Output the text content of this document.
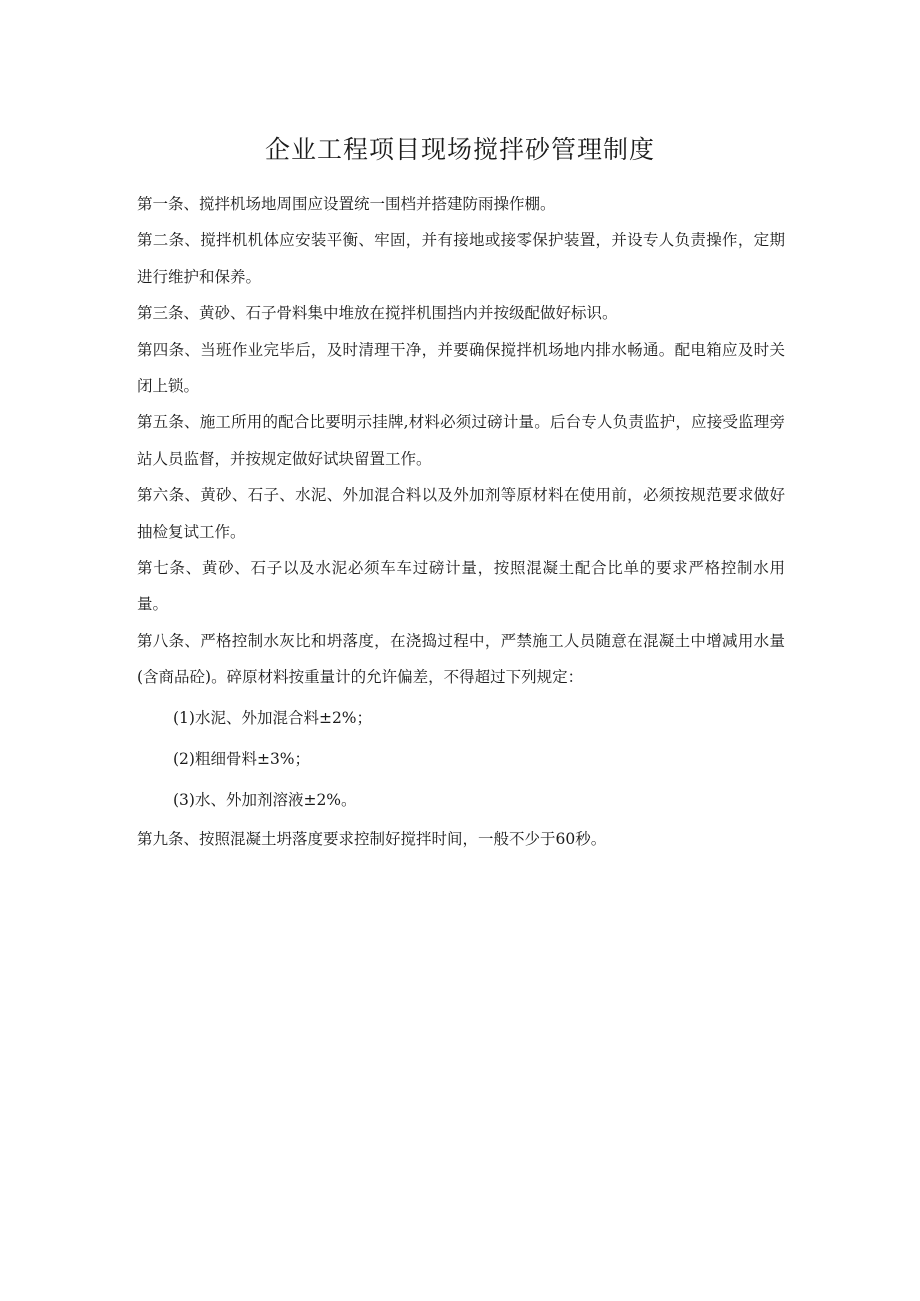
企业工程项目现场搅拌砂管理制度

第一条、搅拌机场地周围应设置统一围档并搭建防雨操作棚。

第二条、搅拌机机体应安装平衡、牢固，并有接地或接零保护装置，并设专人负责操作，定期进行维护和保养。

第三条、黄砂、石子骨料集中堆放在搅拌机围挡内并按级配做好标识。

第四条、当班作业完毕后，及时清理干净，并要确保搅拌机场地内排水畅通。配电箱应及时关闭上锁。

第五条、施工所用的配合比要明示挂牌,材料必须过磅计量。后台专人负责监护，应接受监理旁站人员监督，并按规定做好试块留置工作。

第六条、黄砂、石子、水泥、外加混合料以及外加剂等原材料在使用前，必须按规范要求做好抽检复试工作。

第七条、黄砂、石子以及水泥必须车车过磅计量，按照混凝土配合比单的要求严格控制水用量。

第八条、严格控制水灰比和坍落度，在浇捣过程中，严禁施工人员随意在混凝土中增减用水量(含商品砼)。碎原材料按重量计的允许偏差，不得超过下列规定：

(1)水泥、外加混合料±2%；

(2)粗细骨料±3%；

(3)水、外加剂溶液±2%。

第九条、按照混凝土坍落度要求控制好搅拌时间，一般不少于60秒。
